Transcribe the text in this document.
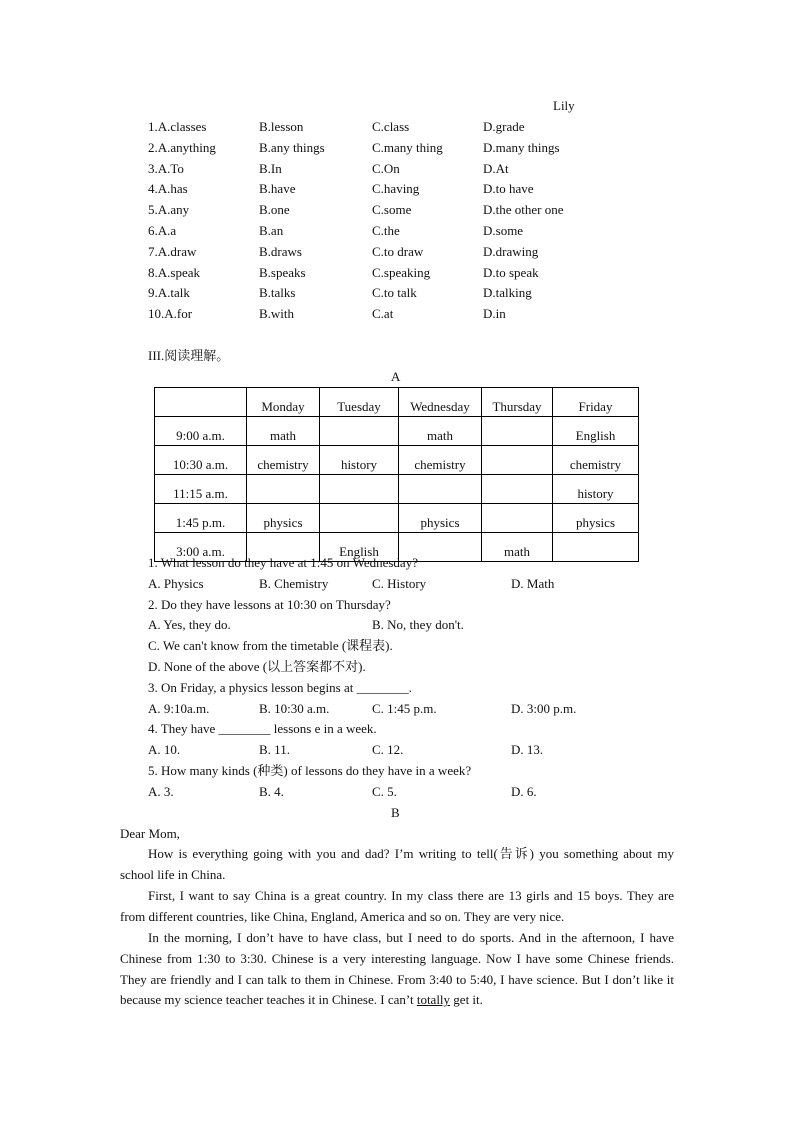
Lily
1.A.classes	B.lesson	C.class	D.grade
2.A.anything	B.any things	C.many thing	D.many things
3.A.To	B.In	C.On	D.At
4.A.has	B.have	C.having	D.to have
5.A.any	B.one	C.some	D.the other one
6.A.a	B.an	C.the	D.some
7.A.draw	B.draws	C.to draw	D.drawing
8.A.speak	B.speaks	C.speaking	D.to speak
9.A.talk	B.talks	C.to talk	D.talking
10.A.for	B.with	C.at	D.in
III.阅读理解。
A
	Monday	Tuesday	Wednesday	Thursday	Friday
9:00 a.m.	math		math		English
10:30 a.m.	chemistry	history	chemistry		chemistry
11:15 a.m.					history
1:45 p.m.	physics		physics		physics
3:00 a.m.		English		math	
1. What lesson do they have at 1:45 on Wednesday?
A. Physics	B. Chemistry	C. History	D. Math
2. Do they have lessons at 10:30 on Thursday?
A. Yes, they do.	B. No, they don't.
C. We can't know from the timetable (课程表).
D. None of the above (以上答案都不对).
3. On Friday, a physics lesson begins at ________.
A. 9:10a.m.	B. 10:30 a.m.	C. 1:45 p.m.	D. 3:00 p.m.
4. They have ________ lessons e in a week.
A. 10.	B. 11.	C. 12.	D. 13.
5. How many kinds (种类) of lessons do they have in a week?
A. 3.	B. 4.	C. 5.	D. 6.
B
Dear Mom,
How is everything going with you and dad? I’m writing to tell(告诉) you something about my school life in China.
First, I want to say China is a great country. In my class there are 13 girls and 15 boys. They are from different countries, like China, England, America and so on. They are very nice.
In the morning, I don’t have to have class, but I need to do sports. And in the afternoon, I have Chinese from 1:30 to 3:30. Chinese is a very interesting language. Now I have some Chinese friends. They are friendly and I can talk to them in Chinese. From 3:40 to 5:40, I have science. But I don’t like it because my science teacher teaches it in Chinese. I can’t totally get it.
